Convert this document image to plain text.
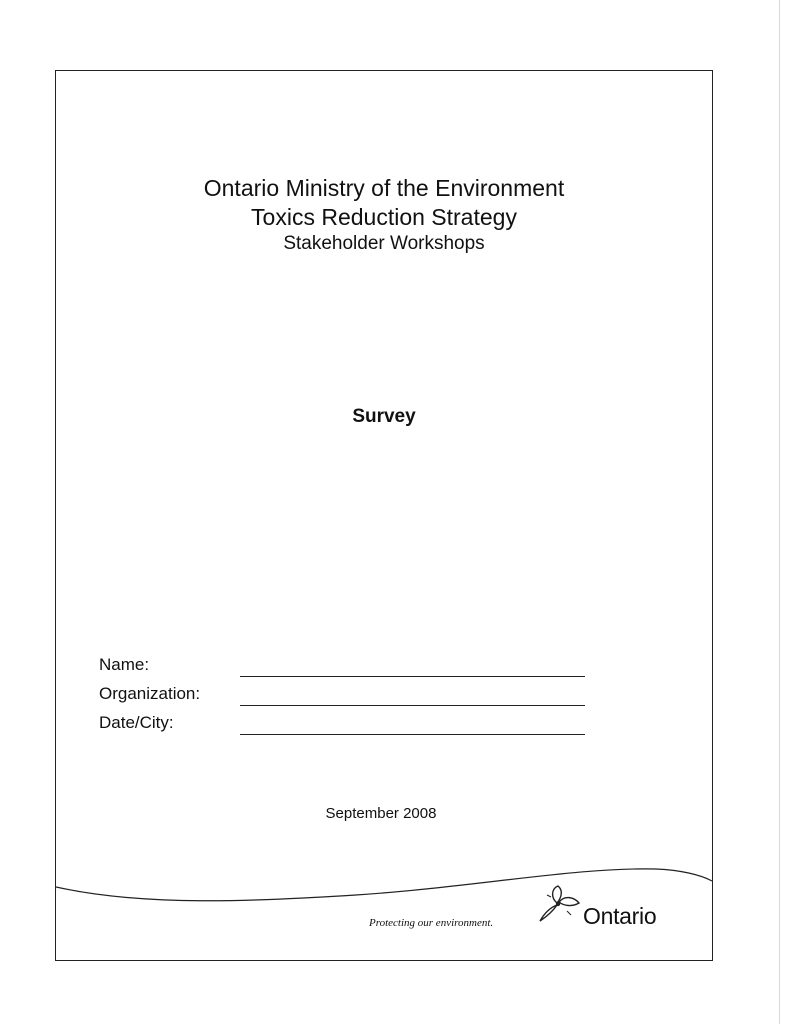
Ontario Ministry of the Environment
Toxics Reduction Strategy
Stakeholder Workshops
Survey
Name:
Organization:
Date/City:
September 2008
Protecting our environment.	Ontario
